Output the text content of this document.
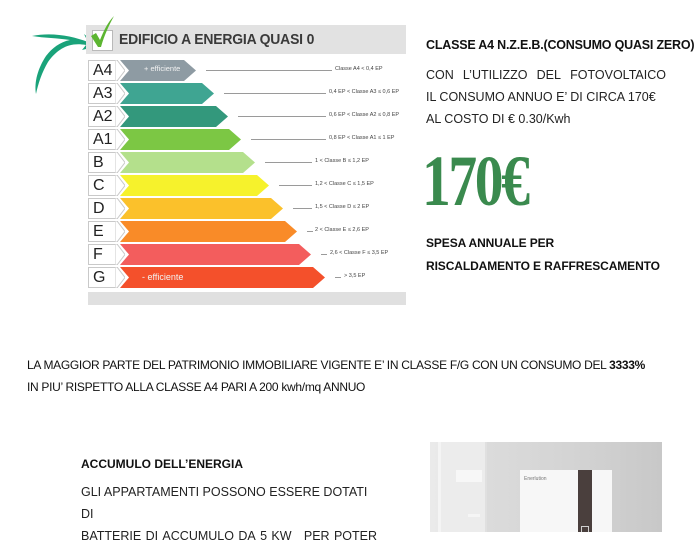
EDIFICIO A ENERGIA QUASI 0
A4	+ efficiente	Classe A4 < 0,4 EP
A3	0,4 EP < Classe A3 ≤ 0,6 EP
A2	0,6 EP < Classe A2 ≤ 0,8 EP
A1	0,8 EP < Classe A1 ≤ 1 EP
B	1 < Classe B ≤ 1,2 EP
C	1,2 < Classe C ≤ 1,5 EP
D	1,5 < Classe D ≤ 2 EP
E	2 < Classe E ≤ 2,6 EP
F	2,6 < Classe F ≤ 3,5 EP
G	- efficiente	> 3,5 EP
CLASSE A4 N.Z.E.B.(CONSUMO QUASI ZERO)
CON L’UTILIZZO DEL FOTOVOLTAICO
IL CONSUMO ANNUO E’ DI CIRCA 170€
AL COSTO DI € 0.30/Kwh
170€
SPESA ANNUALE PER
RISCALDAMENTO E RAFFRESCAMENTO
LA MAGGIOR PARTE DEL PATRIMONIO IMMOBILIARE VIGENTE E’ IN CLASSE F/G CON UN CONSUMO DEL 3333%
IN PIU’ RISPETTO ALLA CLASSE A4 PARI A 200 kwh/mq ANNUO
ACCUMULO DELL’ENERGIA
GLI APPARTAMENTI POSSONO ESSERE DOTATI DI
BATTERIE DI ACCUMULO DA 5 KW PER POTER
Enerlution
